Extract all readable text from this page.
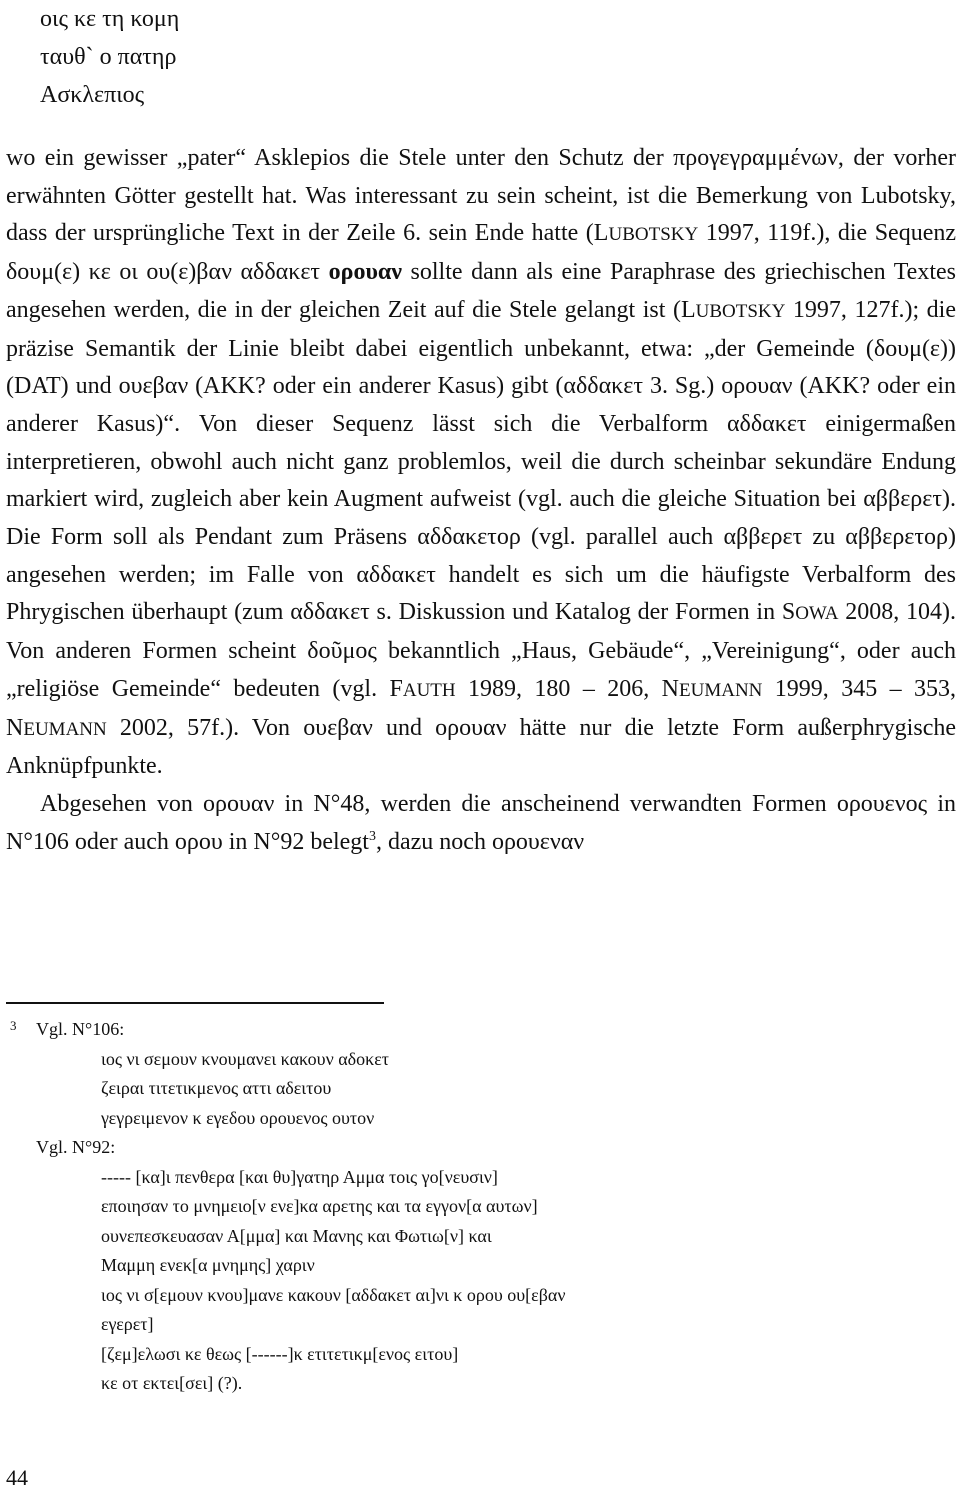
οις κε τη κομη
ταυθ` ο πατηρ
Ασκλεπιος

wo ein gewisser „pater“ Asklepios die Stele unter den Schutz der προγεγραμμένων, der vorher erwähnten Götter gestellt hat. Was interessant zu sein scheint, ist die Bemerkung von Lubotsky, dass der ursprüngliche Text in der Zeile 6. sein Ende hatte (LUBOTSKY 1997, 119f.), die Sequenz δουμ(ε) κε οι ου(ε)βαν αδδακετ ορουαν sollte dann als eine Paraphrase des griechischen Textes angesehen werden, die in der gleichen Zeit auf die Stele gelangt ist (LUBOTSKY 1997, 127f.); die präzise Semantik der Linie bleibt dabei eigentlich unbekannt, etwa: „der Gemeinde (δουμ(ε)) (DAT) und ουεβαν (AKK? oder ein anderer Kasus) gibt (αδδακετ 3. Sg.) ορουαν (AKK? oder ein anderer Kasus)“. Von dieser Sequenz lässt sich die Verbalform αδδακετ einigermaßen interpretieren, obwohl auch nicht ganz problemlos, weil die durch scheinbar sekundäre Endung markiert wird, zugleich aber kein Augment aufweist (vgl. auch die gleiche Situation bei αββερετ). Die Form soll als Pendant zum Präsens αδδακετορ (vgl. parallel auch αββερετ zu αββερετορ) angesehen werden; im Falle von αδδακετ handelt es sich um die häufigste Verbalform des Phrygischen überhaupt (zum αδδακετ s. Diskussion und Katalog der Formen in SOWA 2008, 104). Von anderen Formen scheint δοῦμος bekanntlich „Haus, Gebäude“, „Vereinigung“, oder auch „religiöse Gemeinde“ bedeuten (vgl. FAUTH 1989, 180 – 206, NEUMANN 1999, 345 – 353, NEUMANN 2002, 57f.). Von ουεβαν und ορουαν hätte nur die letzte Form außerphrygische Anknüpfpunkte.

Abgesehen von ορουαν in N°48, werden die anscheinend verwandten Formen ορουενος in N°106 oder auch ορου in N°92 belegt$^3$, dazu noch ορουεναν

3 Vgl. N°106:
ιος νι σεμουν κνουμανει κακουν αδοκετ
ζειραι τιτετικμενος αττι αδειτου
γεγρειμενον κ εγεδου ορουενος ουτον
Vgl. N°92:
----- [κα]ι πενθερα [και θυ]γατηρ Αμμα τοις γο[νευσιν]
εποιησαν το μνημειο[ν ενε]κα αρετης και τα εγγον[α αυτων]
ουνεπεσκευασαν Α[μμα] και Μανης και Φωτιω[ν] και
Μαμμη ενεκ[α μνημης] χαριν
ιος νι σ[εμουν κνου]μανε κακουν [αδδακετ αι]νι κ ορου ου[εβαν
εγερετ]
[ζεμ]ελωσι κε θεως [------]κ ετιτετικμ[ενος ειτου]
κε οτ εκτει[σει] (?).
44
